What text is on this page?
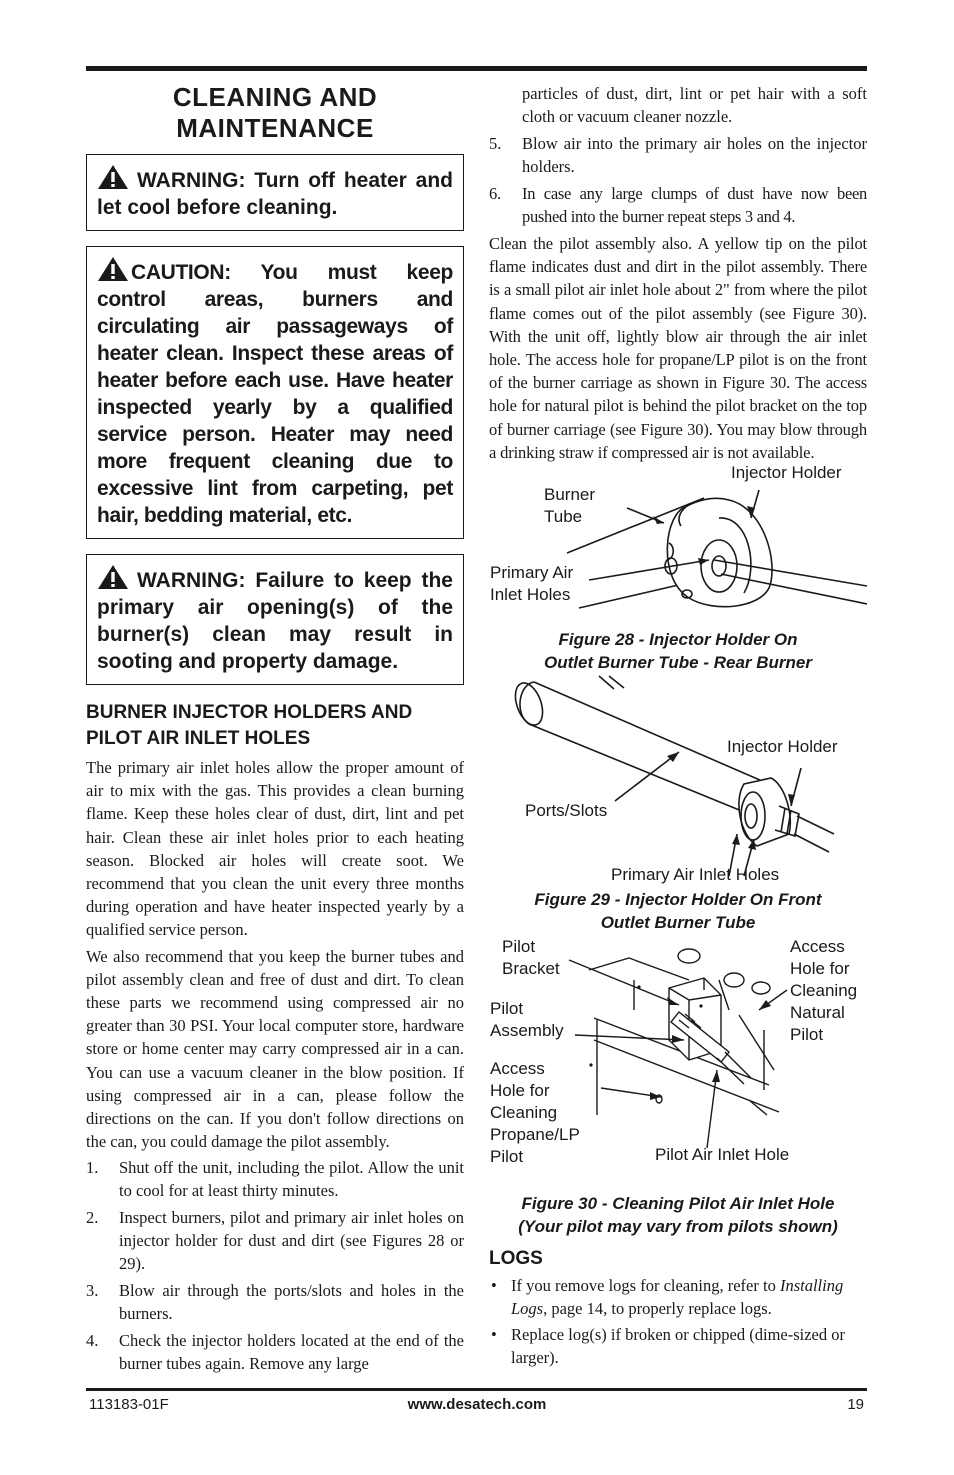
CLEANING AND MAINTENANCE
WARNING: Turn off heater and let cool before cleaning.
CAUTION: You must keep control areas, burners and circulating air passageways of heater clean. Inspect these areas of heater before each use. Have heater inspected yearly by a qualified service person. Heater may need more frequent cleaning due to excessive lint from carpeting, pet hair, bedding material, etc.
WARNING: Failure to keep the primary air opening(s) of the burner(s) clean may result in sooting and property damage.
BURNER INJECTOR HOLDERS AND PILOT AIR INLET HOLES

The primary air inlet holes allow the proper amount of air to mix with the gas. This provides a clean burning flame. Keep these holes clear of dust, dirt, lint and pet hair. Clean these air inlet holes prior to each heating season. Blocked air holes will create soot. We recommend that you clean the unit every three months during operation and have heater inspected yearly by a qualified service person.

We also recommend that you keep the burner tubes and pilot assembly clean and free of dust and dirt. To clean these parts we recommend using compressed air no greater than 30 PSI. Your local computer store, hardware store or home center may carry compressed air in a can. You can use a vacuum cleaner in the blow position. If using compressed air in a can, please follow the directions on the can. If you don't follow directions on the can, you could damage the pilot assembly.

1. Shut off the unit, including the pilot. Allow the unit to cool for at least thirty minutes.
2. Inspect burners, pilot and primary air inlet holes on injector holder for dust and dirt (see Figures 28 or 29).
3. Blow air through the ports/slots and holes in the burners.
4. Check the injector holders located at the end of the burner tubes again. Remove any large
particles of dust, dirt, lint or pet hair with a soft cloth or vacuum cleaner nozzle.
5. Blow air into the primary air holes on the injector holders.
6. In case any large clumps of dust have now been pushed into the burner repeat steps 3 and 4.

Clean the pilot assembly also. A yellow tip on the pilot flame indicates dust and dirt in the pilot assembly. There is a small pilot air inlet hole about 2" from where the pilot flame comes out of the pilot assembly (see Figure 30). With the unit off, lightly blow air through the air inlet hole. The access hole for propane/LP pilot is on the front of the burner carriage as shown in Figure 30. The access hole for natural pilot is behind the pilot bracket on the top of burner carriage (see Figure 30). You may blow through a drinking straw if compressed air is not available.

Injector Holder
Burner
Tube
Primary Air
Inlet Holes
Figure 28 - Injector Holder On Outlet Burner Tube - Rear Burner
Injector Holder
Ports/Slots
Primary Air Inlet Holes
Figure 29 - Injector Holder On Front Outlet Burner Tube
Pilot
Bracket
Access
Hole for
Cleaning
Natural
Pilot
Pilot
Assembly
Access
Hole for
Cleaning
Propane/LP
Pilot	Pilot Air Inlet Hole
Figure 30 - Cleaning Pilot Air Inlet Hole
(Your pilot may vary from pilots shown)
LOGS
• If you remove logs for cleaning, refer to Installing Logs, page 14, to properly replace logs.
• Replace log(s) if broken or chipped (dime-sized or larger).
113183-01F	www.desatech.com	19
